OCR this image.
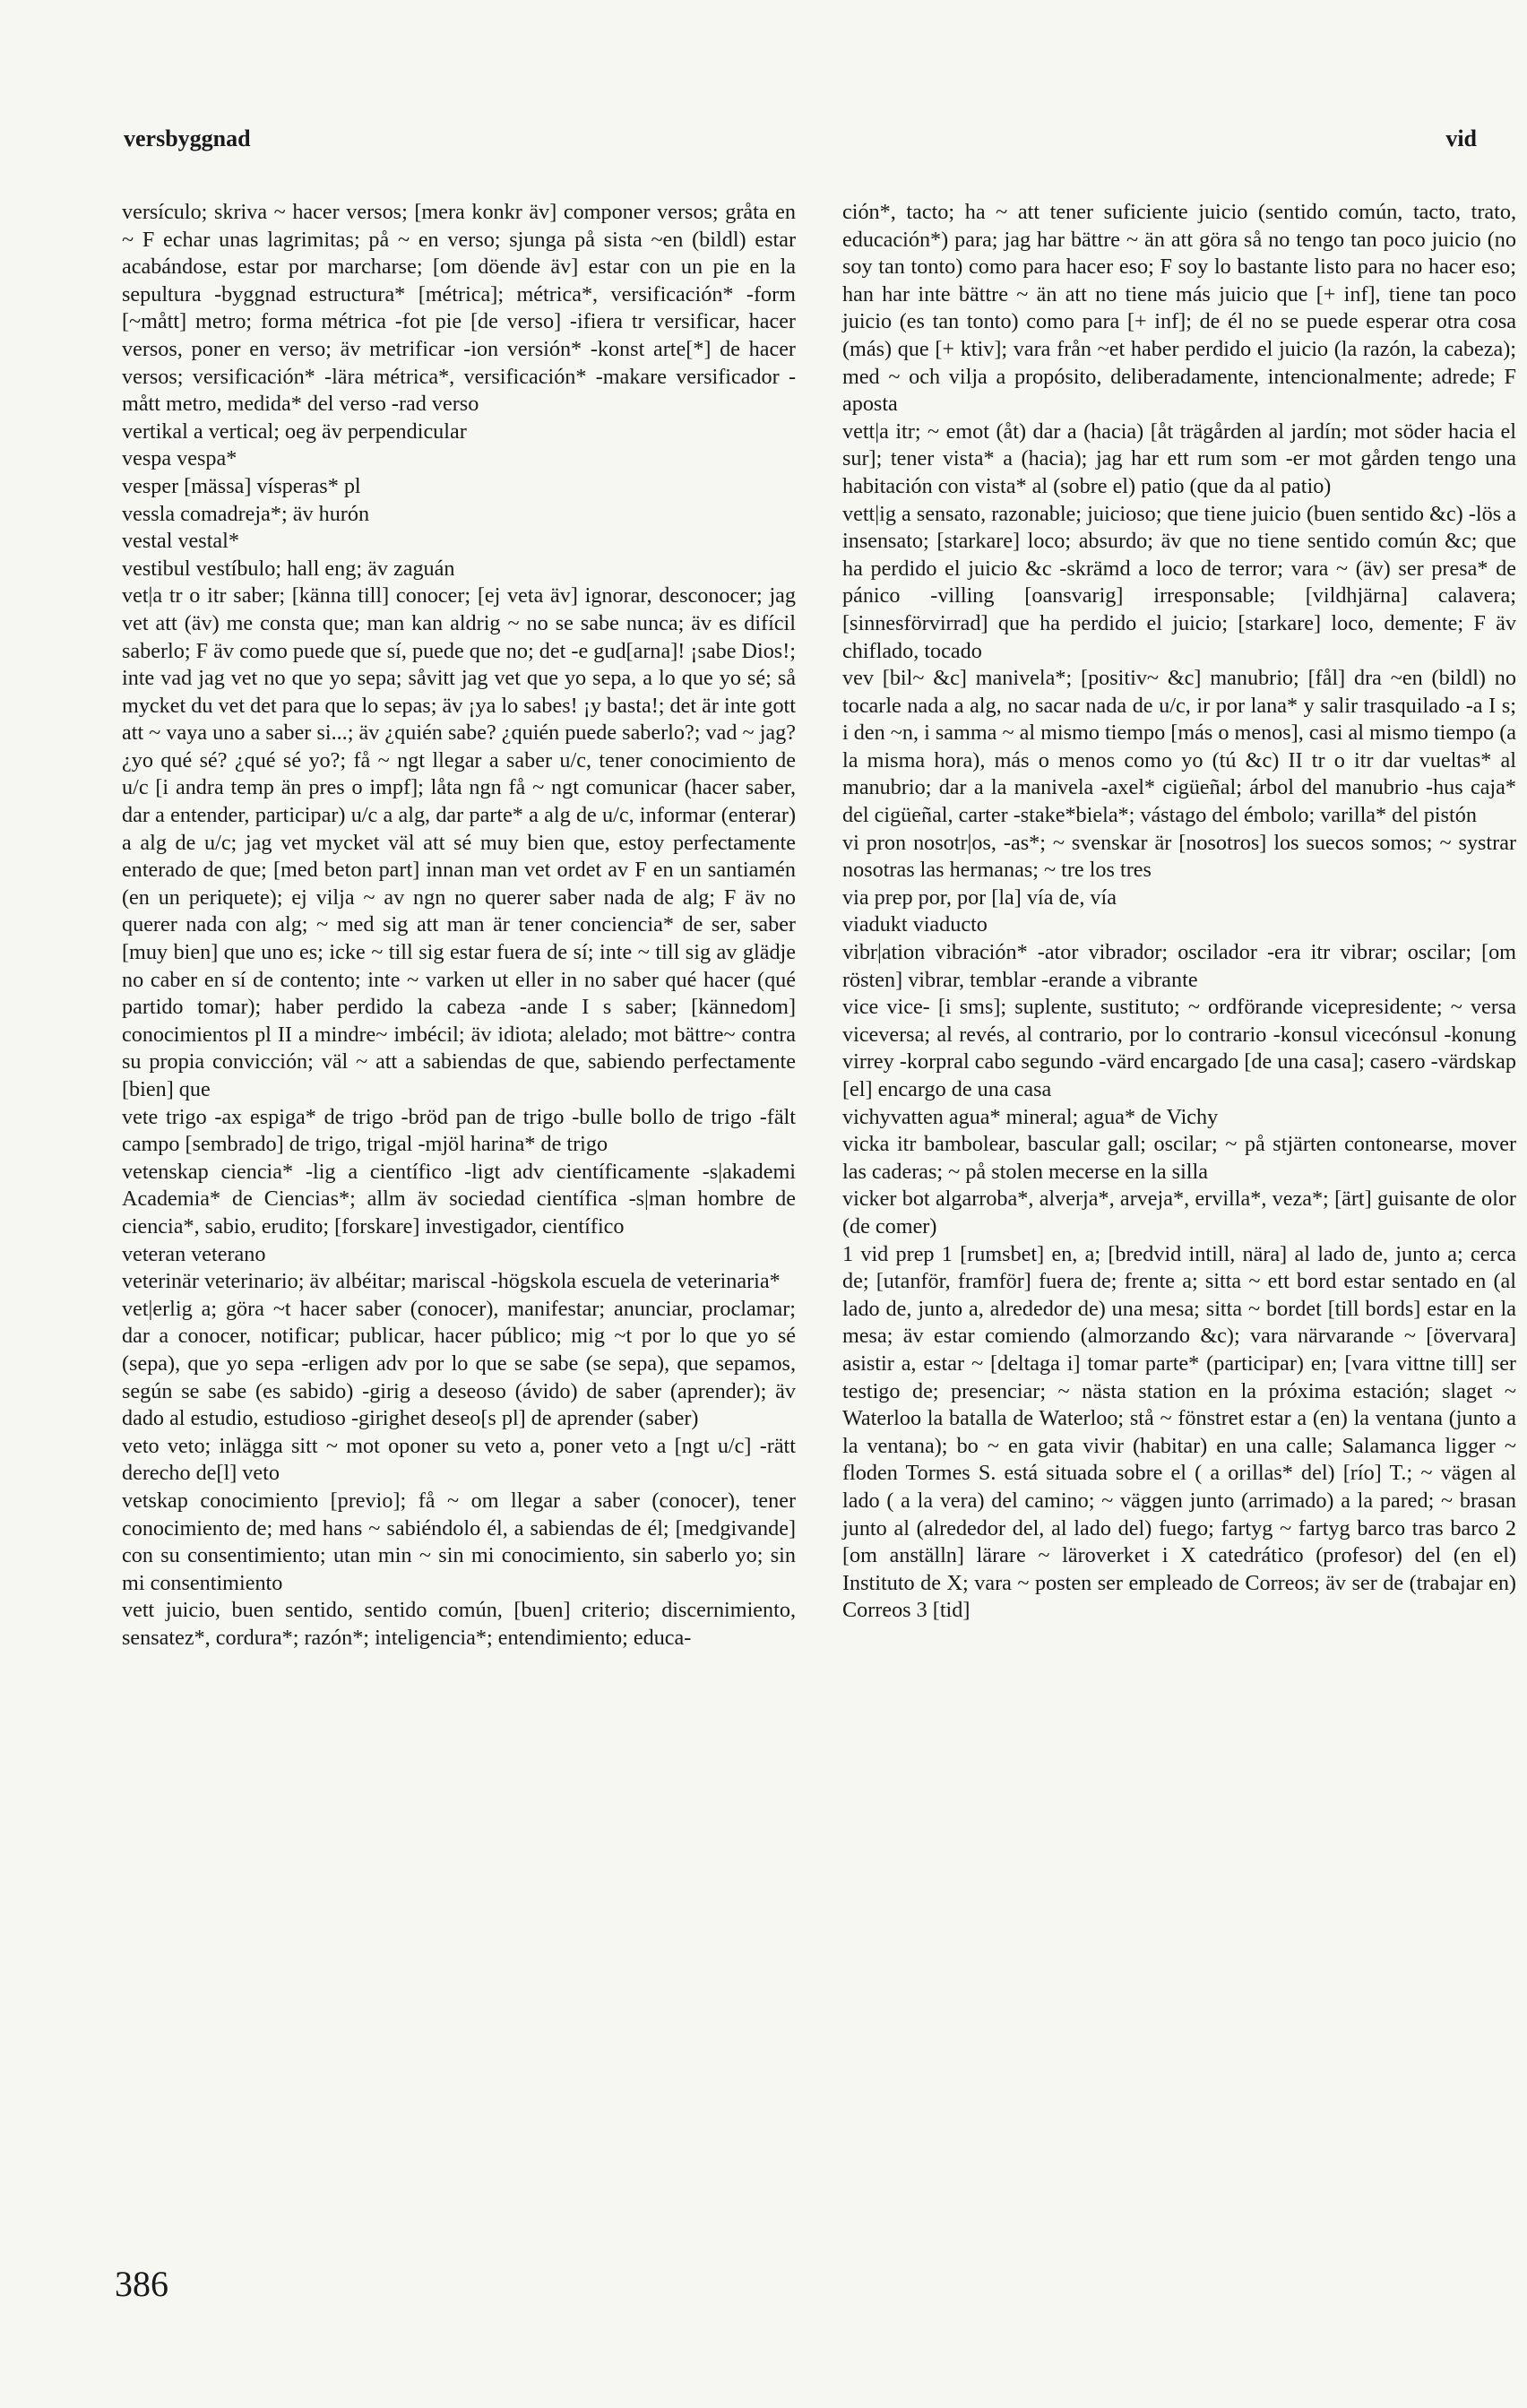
versbyggnad	vid

versículo; skriva ~ hacer versos; [mera konkr äv] componer versos; gråta en ~ F echar unas lagrimitas; på ~ en verso; sjunga på sista ~en (bildl) estar acabándose, estar por marcharse; [om döende äv] estar con un pie en la sepultura -byggnad estructura* [métrica]; métrica*, versificación* -form [~mått] metro; forma métrica -fot pie [de verso] -ifiera tr versificar, hacer versos, poner en verso; äv metrificar -ion versión* -konst arte[*] de hacer versos; versificación* -lära métrica*, versificación* -makare versificador -mått metro, medida* del verso -rad verso

vertikal a vertical; oeg äv perpendicular

vespa vespa*

vesper [mässa] vísperas* pl

vessla comadreja*; äv hurón

vestal vestal*

vestibul vestíbulo; hall eng; äv zaguán

vet|a tr o itr saber; [känna till] conocer; [ej veta äv] ignorar, desconocer; jag vet att (äv) me consta que; man kan aldrig ~ no se sabe nunca; äv es difícil saberlo; F äv como puede que sí, puede que no; det -e gud[arna]! ¡sabe Dios!; inte vad jag vet no que yo sepa; såvitt jag vet que yo sepa, a lo que yo sé; så mycket du vet det para que lo sepas; äv ¡ya lo sabes! ¡y basta!; det är inte gott att ~ vaya uno a saber si...; äv ¿quién sabe? ¿quién puede saberlo?; vad ~ jag? ¿yo qué sé? ¿qué sé yo?; få ~ ngt llegar a saber u/c, tener conocimiento de u/c [i andra temp än pres o impf]; låta ngn få ~ ngt comunicar (hacer saber, dar a entender, participar) u/c a alg, dar parte* a alg de u/c, informar (enterar) a alg de u/c; jag vet mycket väl att sé muy bien que, estoy perfectamente enterado de que; [med beton part] innan man vet ordet av F en un santiamén (en un periquete); ej vilja ~ av ngn no querer saber nada de alg; F äv no querer nada con alg; ~ med sig att man är tener conciencia* de ser, saber [muy bien] que uno es; icke ~ till sig estar fuera de sí; inte ~ till sig av glädje no caber en sí de contento; inte ~ varken ut eller in no saber qué hacer (qué partido tomar); haber perdido la cabeza -ande I s saber; [kännedom] conocimientos pl II a mindre~ imbécil; äv idiota; alelado; mot bättre~ contra su propia convicción; väl ~ att a sabiendas de que, sabiendo perfectamente [bien] que

vete trigo -ax espiga* de trigo -bröd pan de trigo -bulle bollo de trigo -fält campo [sembrado] de trigo, trigal -mjöl harina* de trigo

vetenskap ciencia* -lig a científico -ligt adv científicamente -s|akademi Academia* de Ciencias*; allm äv sociedad científica -s|man hombre de ciencia*, sabio, erudito; [forskare] investigador, científico

veteran veterano

veterinär veterinario; äv albéitar; mariscal -högskola escuela de veterinaria*

vet|erlig a; göra ~t hacer saber (conocer), manifestar; anunciar, proclamar; dar a conocer, notificar; publicar, hacer público; mig ~t por lo que yo sé (sepa), que yo sepa -erligen adv por lo que se sabe (se sepa), que sepamos, según se sabe (es sabido) -girig a deseoso (ávido) de saber (aprender); äv dado al estudio, estudioso -girighet deseo[s pl] de aprender (saber)

veto veto; inlägga sitt ~ mot oponer su veto a, poner veto a [ngt u/c] -rätt derecho de[l] veto

vetskap conocimiento [previo]; få ~ om llegar a saber (conocer), tener conocimiento de; med hans ~ sabiéndolo él, a sabiendas de él; [medgivande] con su consentimiento; utan min ~ sin mi conocimiento, sin saberlo yo; sin mi consentimiento

vett juicio, buen sentido, sentido común, [buen] criterio; discernimiento, sensatez*, cordura*; razón*; inteligencia*; entendimiento; educa-

ción*, tacto; ha ~ att tener suficiente juicio (sentido común, tacto, trato, educación*) para; jag har bättre ~ än att göra så no tengo tan poco juicio (no soy tan tonto) como para hacer eso; F soy lo bastante listo para no hacer eso; han har inte bättre ~ än att no tiene más juicio que [+ inf], tiene tan poco juicio (es tan tonto) como para [+ inf]; de él no se puede esperar otra cosa (más) que [+ ktiv]; vara från ~et haber perdido el juicio (la razón, la cabeza); med ~ och vilja a propósito, deliberadamente, intencionalmente; adrede; F aposta

vett|a itr; ~ emot (åt) dar a (hacia) [åt trägården al jardín; mot söder hacia el sur]; tener vista* a (hacia); jag har ett rum som -er mot gården tengo una habitación con vista* al (sobre el) patio (que da al patio)

vett|ig a sensato, razonable; juicioso; que tiene juicio (buen sentido &c) -lös a insensato; [starkare] loco; absurdo; äv que no tiene sentido común &c; que ha perdido el juicio &c -skrämd a loco de terror; vara ~ (äv) ser presa* de pánico -villing [oansvarig] irresponsable; [vildhjärna] calavera; [sinnesförvirrad] que ha perdido el juicio; [starkare] loco, demente; F äv chiflado, tocado

vev [bil~ &c] manivela*; [positiv~ &c] manubrio; [fål] dra ~en (bildl) no tocarle nada a alg, no sacar nada de u/c, ir por lana* y salir trasquilado -a I s; i den ~n, i samma ~ al mismo tiempo [más o menos], casi al mismo tiempo (a la misma hora), más o menos como yo (tú &c) II tr o itr dar vueltas* al manubrio; dar a la manivela -axel* cigüeñal; árbol del manubrio -hus caja* del cigüeñal, carter -stake*biela*; vástago del émbolo; varilla* del pistón

vi pron nosotr|os, -as*; ~ svenskar är [nosotros] los suecos somos; ~ systrar nosotras las hermanas; ~ tre los tres

via prep por, por [la] vía de, vía

viadukt viaducto

vibr|ation vibración* -ator vibrador; oscilador -era itr vibrar; oscilar; [om rösten] vibrar, temblar -erande a vibrante

vice vice- [i sms]; suplente, sustituto; ~ ordförande vicepresidente; ~ versa viceversa; al revés, al contrario, por lo contrario -konsul vicecónsul -konung virrey -korpral cabo segundo -värd encargado [de una casa]; casero -värdskap [el] encargo de una casa

vichyvatten agua* mineral; agua* de Vichy

vicka itr bambolear, bascular gall; oscilar; ~ på stjärten contonearse, mover las caderas; ~ på stolen mecerse en la silla

vicker bot algarroba*, alverja*, arveja*, ervilla*, veza*; [ärt] guisante de olor (de comer)

1 vid prep 1 [rumsbet] en, a; [bredvid intill, nära] al lado de, junto a; cerca de; [utanför, framför] fuera de; frente a; sitta ~ ett bord estar sentado en (al lado de, junto a, alrededor de) una mesa; sitta ~ bordet [till bords] estar en la mesa; äv estar comiendo (almorzando &c); vara närvarande ~ [övervara] asistir a, estar ~ [deltaga i] tomar parte* (participar) en; [vara vittne till] ser testigo de; presenciar; ~ nästa station en la próxima estación; slaget ~ Waterloo la batalla de Waterloo; stå ~ fönstret estar a (en) la ventana (junto a la ventana); bo ~ en gata vivir (habitar) en una calle; Salamanca ligger ~ floden Tormes S. está situada sobre el ( a orillas* del) [río] T.; ~ vägen al lado ( a la vera) del camino; ~ väggen junto (arrimado) a la pared; ~ brasan junto al (alrededor del, al lado del) fuego; fartyg ~ fartyg barco tras barco 2 [om anställn] lärare ~ läroverket i X catedrático (profesor) del (en el) Instituto de X; vara ~ posten ser empleado de Correos; äv ser de (trabajar en) Correos 3 [tid]

386
